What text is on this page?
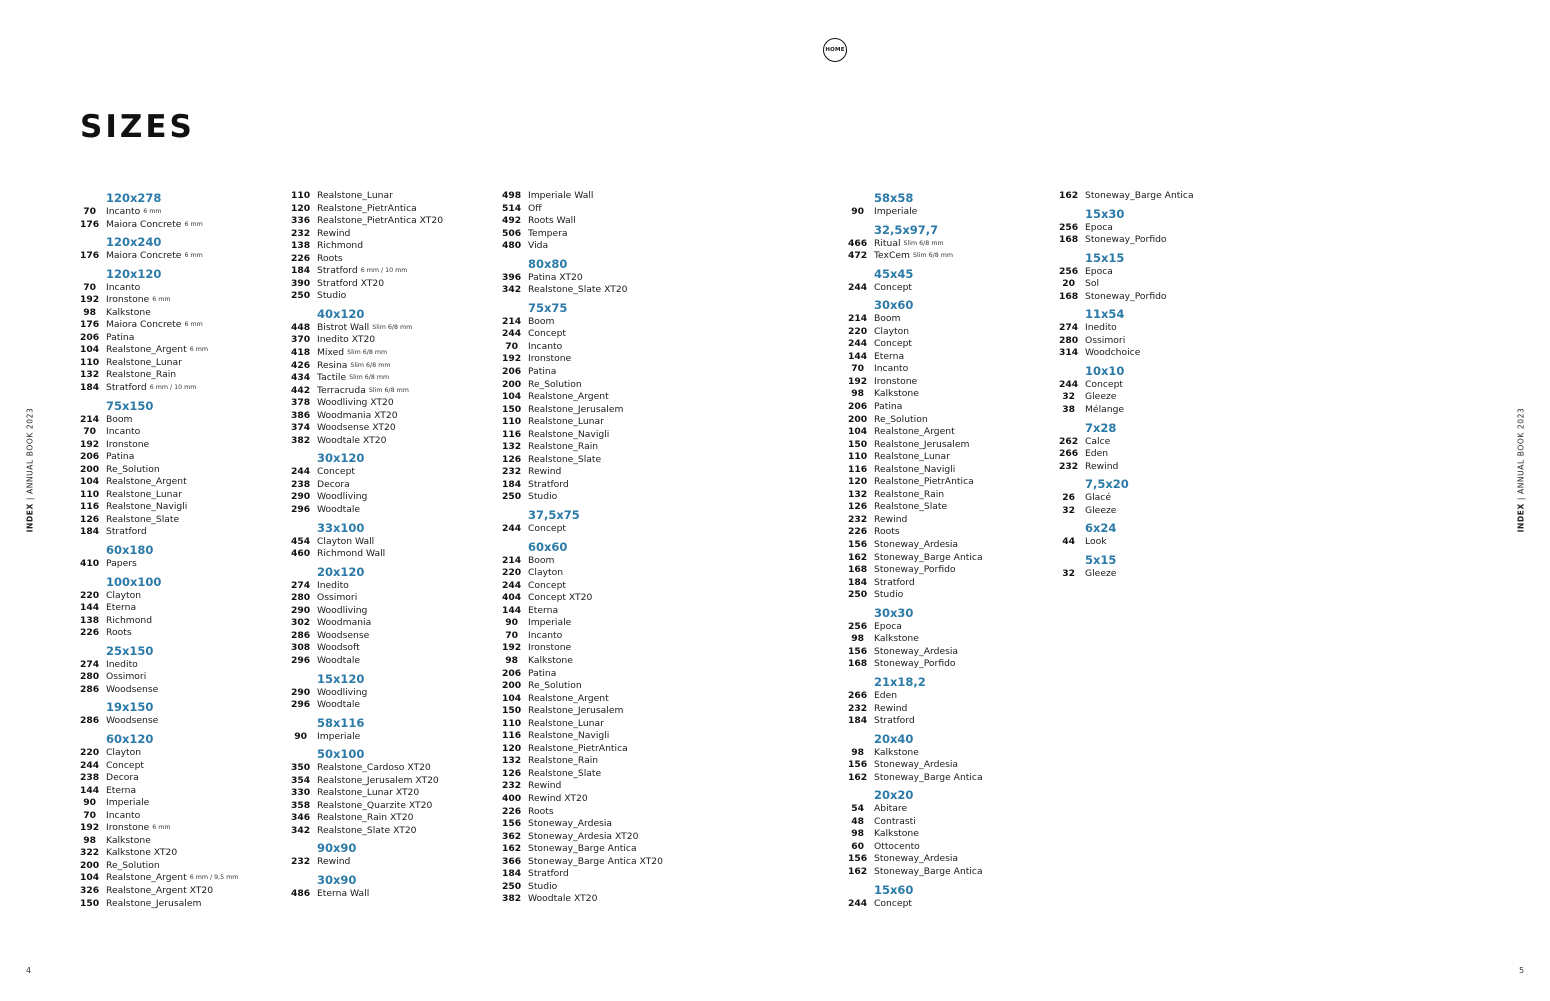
HOME
SIZES
INDEX | ANNUAL BOOK 2023
INDEX | ANNUAL BOOK 2023
4	5
120x278
70 Incanto 6 mm
176 Maiora Concrete 6 mm
120x240
176 Maiora Concrete 6 mm
120x120
70 Incanto
192 Ironstone 6 mm
98 Kalkstone
176 Maiora Concrete 6 mm
206 Patina
104 Realstone_Argent 6 mm
110 Realstone_Lunar
132 Realstone_Rain
184 Stratford 6 mm / 10 mm
75x150
214 Boom
70 Incanto
192 Ironstone
206 Patina
200 Re_Solution
104 Realstone_Argent
110 Realstone_Lunar
116 Realstone_Navigli
126 Realstone_Slate
184 Stratford
60x180
410 Papers
100x100
220 Clayton
144 Eterna
138 Richmond
226 Roots
25x150
274 Inedito
280 Ossimori
286 Woodsense
19x150
286 Woodsense
60x120
220 Clayton
244 Concept
238 Decora
144 Eterna
90 Imperiale
70 Incanto
192 Ironstone 6 mm
98 Kalkstone
322 Kalkstone XT20
200 Re_Solution
104 Realstone_Argent 6 mm / 9,5 mm
326 Realstone_Argent XT20
150 Realstone_Jerusalem
110 Realstone_Lunar
120 Realstone_PietrAntica
336 Realstone_PietrAntica XT20
232 Rewind
138 Richmond
226 Roots
184 Stratford 6 mm / 10 mm
390 Stratford XT20
250 Studio
40x120
448 Bistrot Wall Slim 6/8 mm
370 Inedito XT20
418 Mixed Slim 6/8 mm
426 Resina Slim 6/8 mm
434 Tactile Slim 6/8 mm
442 Terracruda Slim 6/8 mm
378 Woodliving XT20
386 Woodmania XT20
374 Woodsense XT20
382 Woodtale XT20
30x120
244 Concept
238 Decora
290 Woodliving
296 Woodtale
33x100
454 Clayton Wall
460 Richmond Wall
20x120
274 Inedito
280 Ossimori
290 Woodliving
302 Woodmania
286 Woodsense
308 Woodsoft
296 Woodtale
15x120
290 Woodliving
296 Woodtale
58x116
90 Imperiale
50x100
350 Realstone_Cardoso XT20
354 Realstone_Jerusalem XT20
330 Realstone_Lunar XT20
358 Realstone_Quarzite XT20
346 Realstone_Rain XT20
342 Realstone_Slate XT20
90x90
232 Rewind
30x90
486 Eterna Wall
498 Imperiale Wall
514 Off
492 Roots Wall
506 Tempera
480 Vida
80x80
396 Patina XT20
342 Realstone_Slate XT20
75x75
214 Boom
244 Concept
70 Incanto
192 Ironstone
206 Patina
200 Re_Solution
104 Realstone_Argent
150 Realstone_Jerusalem
110 Realstone_Lunar
116 Realstone_Navigli
132 Realstone_Rain
126 Realstone_Slate
232 Rewind
184 Stratford
250 Studio
37,5x75
244 Concept
60x60
214 Boom
220 Clayton
244 Concept
404 Concept XT20
144 Eterna
90 Imperiale
70 Incanto
192 Ironstone
98 Kalkstone
206 Patina
200 Re_Solution
104 Realstone_Argent
150 Realstone_Jerusalem
110 Realstone_Lunar
116 Realstone_Navigli
120 Realstone_PietrAntica
132 Realstone_Rain
126 Realstone_Slate
232 Rewind
400 Rewind XT20
226 Roots
156 Stoneway_Ardesia
362 Stoneway_Ardesia XT20
162 Stoneway_Barge Antica
366 Stoneway_Barge Antica XT20
184 Stratford
250 Studio
382 Woodtale XT20
58x58
90 Imperiale
32,5x97,7
466 Ritual Slim 6/8 mm
472 TexCem Slim 6/8 mm
45x45
244 Concept
30x60
214 Boom
220 Clayton
244 Concept
144 Eterna
70 Incanto
192 Ironstone
98 Kalkstone
206 Patina
200 Re_Solution
104 Realstone_Argent
150 Realstone_Jerusalem
110 Realstone_Lunar
116 Realstone_Navigli
120 Realstone_PietrAntica
132 Realstone_Rain
126 Realstone_Slate
232 Rewind
226 Roots
156 Stoneway_Ardesia
162 Stoneway_Barge Antica
168 Stoneway_Porfido
184 Stratford
250 Studio
30x30
256 Epoca
98 Kalkstone
156 Stoneway_Ardesia
168 Stoneway_Porfido
21x18,2
266 Eden
232 Rewind
184 Stratford
20x40
98 Kalkstone
156 Stoneway_Ardesia
162 Stoneway_Barge Antica
20x20
54 Abitare
48 Contrasti
98 Kalkstone
60 Ottocento
156 Stoneway_Ardesia
162 Stoneway_Barge Antica
15x60
244 Concept
162 Stoneway_Barge Antica
15x30
256 Epoca
168 Stoneway_Porfido
15x15
256 Epoca
20 Sol
168 Stoneway_Porfido
11x54
274 Inedito
280 Ossimori
314 Woodchoice
10x10
244 Concept
32 Gleeze
38 Mélange
7x28
262 Calce
266 Eden
232 Rewind
7,5x20
26 Glacé
32 Gleeze
6x24
44 Look
5x15
32 Gleeze
